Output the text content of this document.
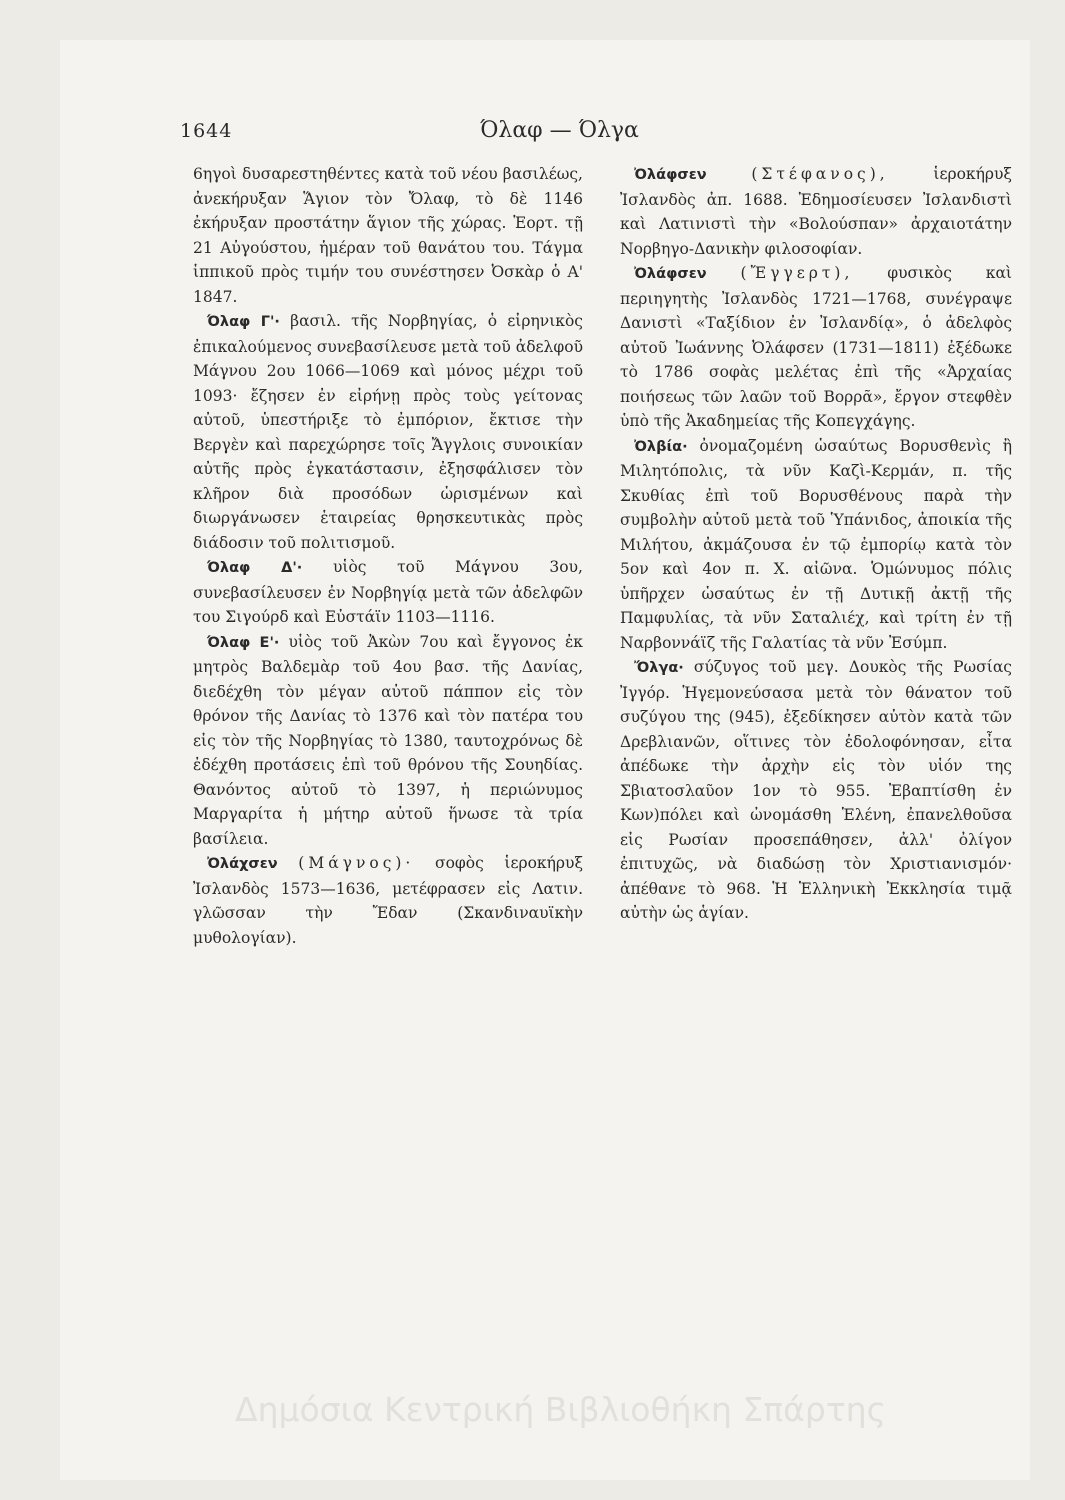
1644	Όλαφ — Όλγα

6ηγοὶ δυσαρεστηθέντες κατὰ τοῦ νέου βασιλέως, ἀνεκήρυξαν Ἅγιον τὸν Ὄλαφ, τὸ δὲ 1146 ἐκήρυξαν προστάτην ἅγιον τῆς χώρας. Ἑορτ. τῇ 21 Αὐγούστου, ἡμέραν τοῦ θανάτου του. Τάγμα ἱππικοῦ πρὸς τιμήν του συνέστησεν Ὀσκὰρ ὁ Α' 1847.

Όλαφ Γ'· βασιλ. τῆς Νορβηγίας, ὁ εἰρηνικὸς ἐπικαλούμενος συνεβασίλευσε μετὰ τοῦ ἀδελφοῦ Μάγνου 2ου 1066—1069 καὶ μόνος μέχρι τοῦ 1093· ἔζησεν ἐν εἰρήνῃ πρὸς τοὺς γείτονας αὐτοῦ, ὑπεστήριξε τὸ ἐμπόριον, ἔκτισε τὴν Βεργὲν καὶ παρεχώρησε τοῖς Ἄγγλοις συνοικίαν αὐτῆς πρὸς ἐγκατάστασιν, ἐξησφάλισεν τὸν κλῆρον διὰ προσόδων ὡρισμένων καὶ διωργάνωσεν ἑταιρείας θρησκευτικὰς πρὸς διάδοσιν τοῦ πολιτισμοῦ.

Όλαφ Δ'· υἱὸς τοῦ Μάγνου 3ου, συνεβασίλευσεν ἐν Νορβηγίᾳ μετὰ τῶν ἀδελφῶν του Σιγούρδ καὶ Εὐστάϊν 1103—1116.

Όλαφ Ε'· υἱὸς τοῦ Ἀκὼν 7ου καὶ ἔγγονος ἐκ μητρὸς Βαλδεμὰρ τοῦ 4ου βασ. τῆς Δανίας, διεδέχθη τὸν μέγαν αὐτοῦ πάππον εἰς τὸν θρόνον τῆς Δανίας τὸ 1376 καὶ τὸν πατέρα του εἰς τὸν τῆς Νορβηγίας τὸ 1380, ταυτοχρόνως δὲ ἐδέχθη προτάσεις ἐπὶ τοῦ θρόνου τῆς Σουηδίας. Θανόντος αὐτοῦ τὸ 1397, ἡ περιώνυμος Μαργαρίτα ἡ μήτηρ αὐτοῦ ἥνωσε τὰ τρία βασίλεια.

Ὀλάχσεν (Μάγνος)· σοφὸς ἱεροκήρυξ Ἰσλανδὸς 1573—1636, μετέφρασεν εἰς Λατιν. γλῶσσαν τὴν Ἔδαν (Σκανδιναυϊκὴν μυθολογίαν).

Ὀλάφσεν	(Στέφανος),	ἱεροκήρυξ Ἰσλανδὸς ἀπ. 1688. Ἐδημοσίευσεν Ἰσλανδιστὶ καὶ Λατινιστὶ τὴν «Βολούσπαν» ἀρχαιοτάτην Νορβηγο-Δανικὴν φιλοσοφίαν.

Ὀλάφσεν (Ἔγγερτ), φυσικὸς καὶ περιηγητὴς Ἰσλανδὸς 1721—1768, συνέγραψε Δανιστὶ «Ταξίδιον ἐν Ἰσλανδίᾳ», ὁ ἀδελφὸς αὐτοῦ Ἰωάννης Ὀλάφσεν (1731—1811) ἐξέδωκε τὸ 1786 σοφὰς μελέτας ἐπὶ τῆς «Ἀρχαίας ποιήσεως τῶν λαῶν τοῦ Βορρᾶ», ἔργον στεφθὲν ὑπὸ τῆς Ἀκαδημείας τῆς Κοπεγχάγης.

Ὀλβία· ὀνομαζομένη ὡσαύτως Βορυσθενὶς ἢ Μιλητόπολις, τὰ νῦν Καζὶ-Κερμάν, π. τῆς Σκυθίας ἐπὶ τοῦ Βορυσθένους παρὰ τὴν συμβολὴν αὐτοῦ μετὰ τοῦ Ὑπάνιδος, ἀποικία τῆς Μιλήτου, ἀκμάζουσα ἐν τῷ ἐμπορίῳ κατὰ τὸν 5ον καὶ 4ον π. Χ. αἰῶνα. Ὁμώνυμος πόλις ὑπῆρχεν ὡσαύτως ἐν τῇ Δυτικῇ ἀκτῇ τῆς Παμφυλίας, τὰ νῦν Σαταλιέχ, καὶ τρίτη ἐν τῇ Ναρβοννάϊζ τῆς Γαλατίας τὰ νῦν Ἐσύμπ.

Ὄλγα· σύζυγος τοῦ μεγ. Δουκὸς τῆς Ρωσίας Ἰγγόρ. Ἡγεμονεύσασα μετὰ τὸν θάνατον τοῦ συζύγου της (945), ἐξεδίκησεν αὐτὸν κατὰ τῶν Δρεβλιανῶν, οἵτινες τὸν ἐδολοφόνησαν, εἶτα ἀπέδωκε τὴν ἀρχὴν εἰς τὸν υἱόν της Σβιατοσλαῦον 1ον τὸ 955. Ἐβαπτίσθη ἐν Κων)πόλει καὶ ὠνομάσθη Ἑλένη, ἐπανελθοῦσα εἰς Ρωσίαν προσεπάθησεν, ἀλλ' ὀλίγον ἐπιτυχῶς, νὰ διαδώσῃ τὸν Χριστιανισμόν· ἀπέθανε τὸ 968. Ἡ Ἑλληνικὴ Ἐκκλησία τιμᾷ αὐτὴν ὡς ἁγίαν.

Δημόσια Κεντρική Βιβλιοθήκη Σπάρτης
